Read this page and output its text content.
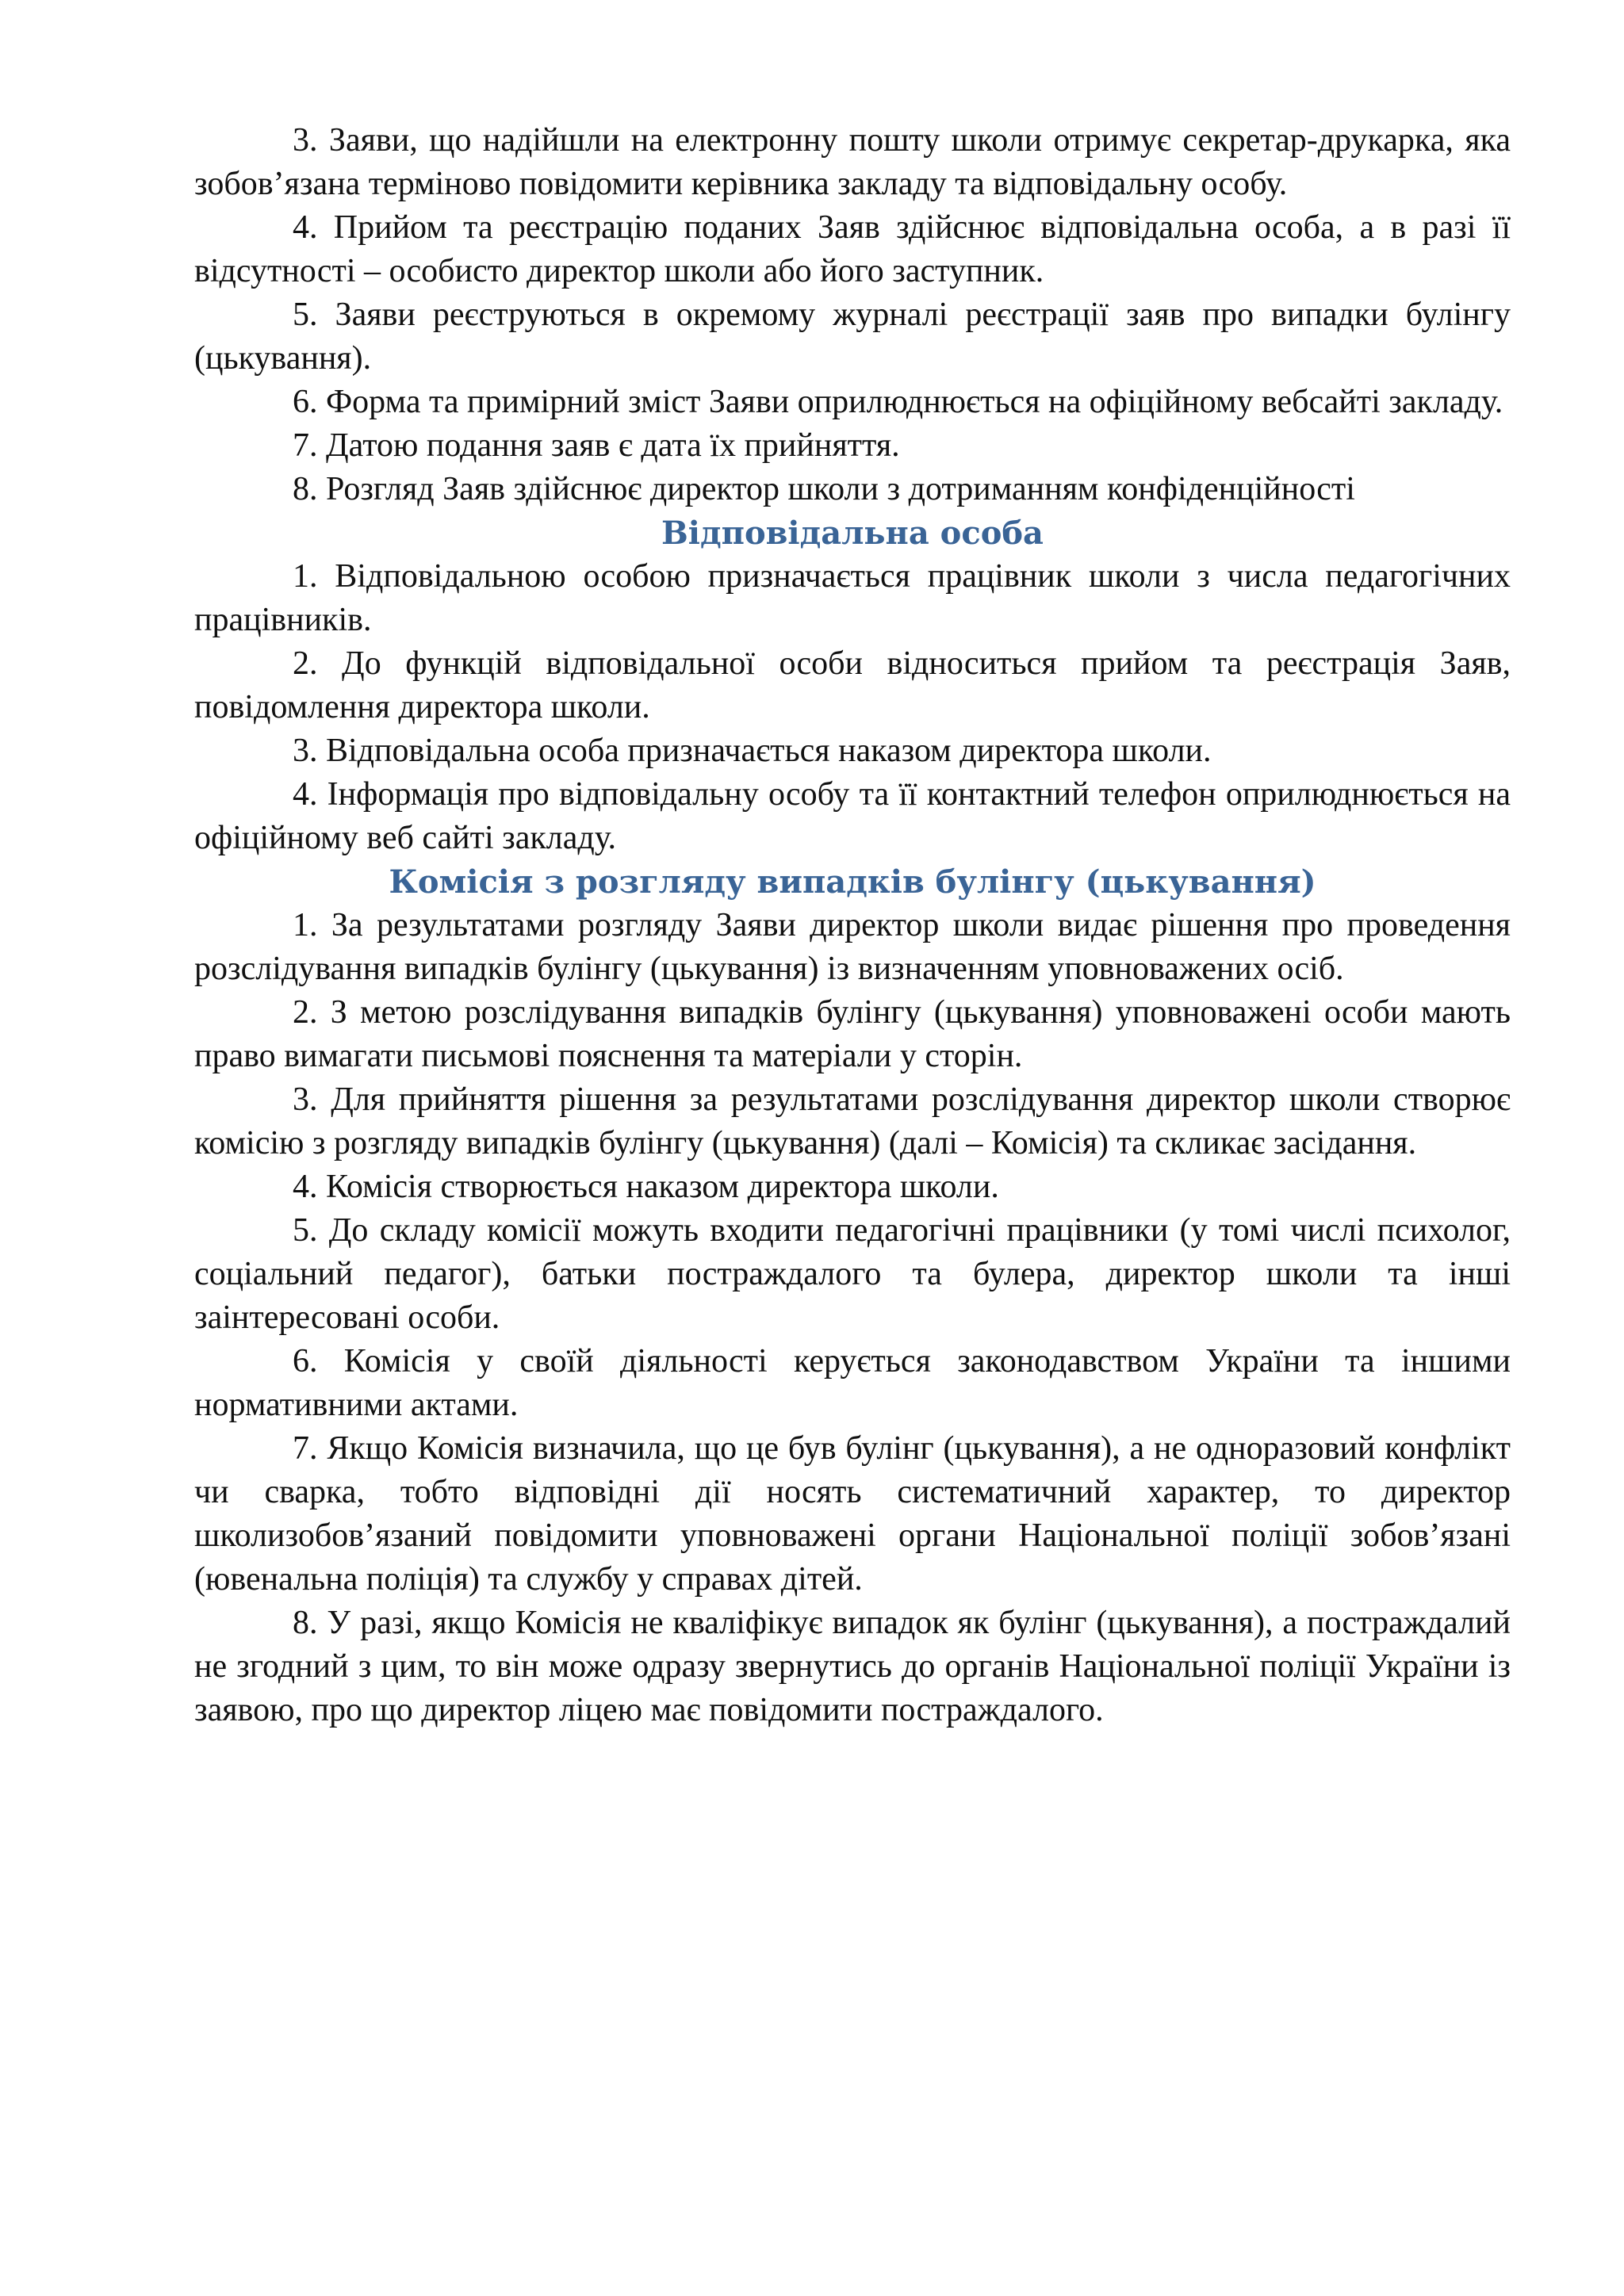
3. Заяви, що надійшли на електронну пошту школи отримує секретар-друкарка, яка зобов’язана терміново повідомити керівника закладу та відповідальну особу.

4. Прийом та реєстрацію поданих Заяв здійснює відповідальна особа, а в разі її відсутності – особисто директор школи або його заступник.

5. Заяви реєструються в окремому журналі реєстрації заяв про випадки булінгу (цькування).

6. Форма та примірний зміст Заяви оприлюднюється на офіційному вебсайті закладу.

7. Датою подання заяв є дата їх прийняття.

8. Розгляд Заяв здійснює директор школи з дотриманням конфіденційності

Відповідальна особа

1. Відповідальною особою призначається працівник школи з числа педагогічних працівників.

2. До функцій відповідальної особи відноситься прийом та реєстрація Заяв, повідомлення директора школи.

3. Відповідальна особа призначається наказом директора школи.

4. Інформація про відповідальну особу та її контактний телефон оприлюднюється на офіційному веб сайті закладу.

Комісія з розгляду випадків булінгу (цькування)

1. За результатами розгляду Заяви директор школи видає рішення про проведення розслідування випадків булінгу (цькування) із визначенням уповноважених осіб.

2. З метою розслідування випадків булінгу (цькування) уповноважені особи мають право вимагати письмові пояснення та матеріали у сторін.

3. Для прийняття рішення за результатами розслідування директор школи створює комісію з розгляду випадків булінгу (цькування) (далі – Комісія) та скликає засідання.

4. Комісія створюється наказом директора школи.

5. До складу комісії можуть входити педагогічні працівники (у томі числі психолог, соціальний педагог), батьки постраждалого та булера, директор школи та інші заінтересовані особи.

6. Комісія у своїй діяльності керується законодавством України та іншими нормативними актами.

7. Якщо Комісія визначила, що це був булінг (цькування), а не одноразовий конфлікт чи сварка, тобто відповідні дії носять систематичний характер, то директор школизобов’язаний повідомити уповноважені органи Національної поліції зобов’язані (ювенальна поліція) та службу у справах дітей.

8. У разі, якщо Комісія не кваліфікує випадок як булінг (цькування), а постраждалий не згодний з цим, то він може одразу звернутись до органів Національної поліції України із заявою, про що директор ліцею має повідомити постраждалого.
